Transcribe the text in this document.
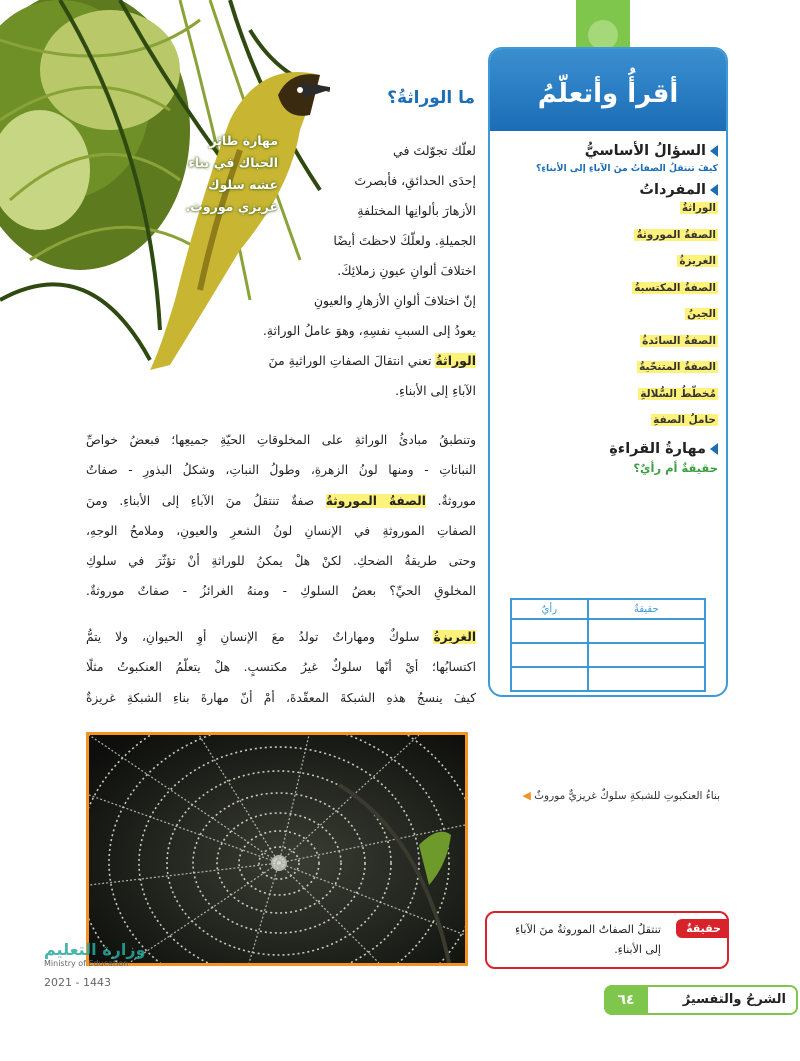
مهارة طائر الحباك في بناء عشه سلوك غريزي موروث.
ما الوراثةُ؟

لعلّك تجوّلتَ في

إحدَى الحدائقِ، فأبصرتَ

الأزهارَ بألوانِها المختلفةِ

الجميلةِ. ولعلّكَ لاحظتَ أيضًا

اختلافَ ألوانِ عيونِ زملائِكَ.

إنّ اختلافَ ألوانِ الأزهارِ والعيونِ

يعودُ إلى السببِ نفسِهِ، وهوَ عاملُ الوراثةِ.

الوراثةُ تعني انتقالَ الصفاتِ الوراثيةِ منَ

الآباءِ إلى الأبناءِ.

وتنطبقُ مبادئُ الوراثةِ على المخلوقاتِ الحيّةِ جميعِها؛ فبعضُ خواصِّ

النباتاتِ - ومنها لونُ الزهرةِ، وطولُ النباتِ، وشكلُ البذورِ - صفاتٌ

موروثةٌ. الصفةُ الموروثةُ صفةٌ تنتقلُ منَ الآباءِ إلى الأبناءِ. ومنَ

الصفاتِ الموروثةِ في الإنسانِ لونُ الشعرِ والعيونِ، وملامحُ الوجهِ،

وحتى طريقةُ الضحكِ. لكنْ هلْ يمكنُ للوراثةِ أنْ تؤثّرَ في سلوكِ

المخلوقِ الحيِّ؟ بعضُ السلوكِ - ومنهُ الغرائزُ - صفاتٌ موروثةٌ.

الغريزةُ سلوكٌ ومهاراتٌ تولدُ معَ الإنسانِ أوِ الحيوانِ، ولا يتمُّ

اكتسابُها؛ أيْ أنّها سلوكٌ غيرُ مكتسبٍ. هلْ يتعلّمُ العنكبوتُ مثلًا

كيفَ ينسجُ هذهِ الشبكةَ المعقّدةَ، أمْ أنّ مهارةَ بناءِ الشبكةِ غريزةٌ

بناءُ العنكبوتِ للشبكةِ سلوكٌ غريزيٌّ موروثٌ ◀
أقرأُ وأتعلّمُ
السؤالُ الأساسيُّ
كيفَ تنتقلُ الصفاتُ منَ الآباءِ إلى الأبناءِ؟
المفرداتُ
الوراثةُ
الصفةُ الموروثةُ
الغريزةُ
الصفةُ المكتسبةُ
الجينُ
الصفةُ السائدةُ
الصفةُ المتنحّيةُ
مُخطّطُ السُّلالةِ
حاملُ الصفةِ
مهارةُ القراءةِ
حقيقةٌ أم رأيٌ؟
حقيقةٌ	رأيٌ

حقيقةٌ
تنتقلُ الصفاتُ الموروثةُ منَ الآباءِ إلى الأبناءِ.
وزارة التعليم
Ministry of Education
2021 - 1443
الشرحُ والتفسيرُ
٦٤
